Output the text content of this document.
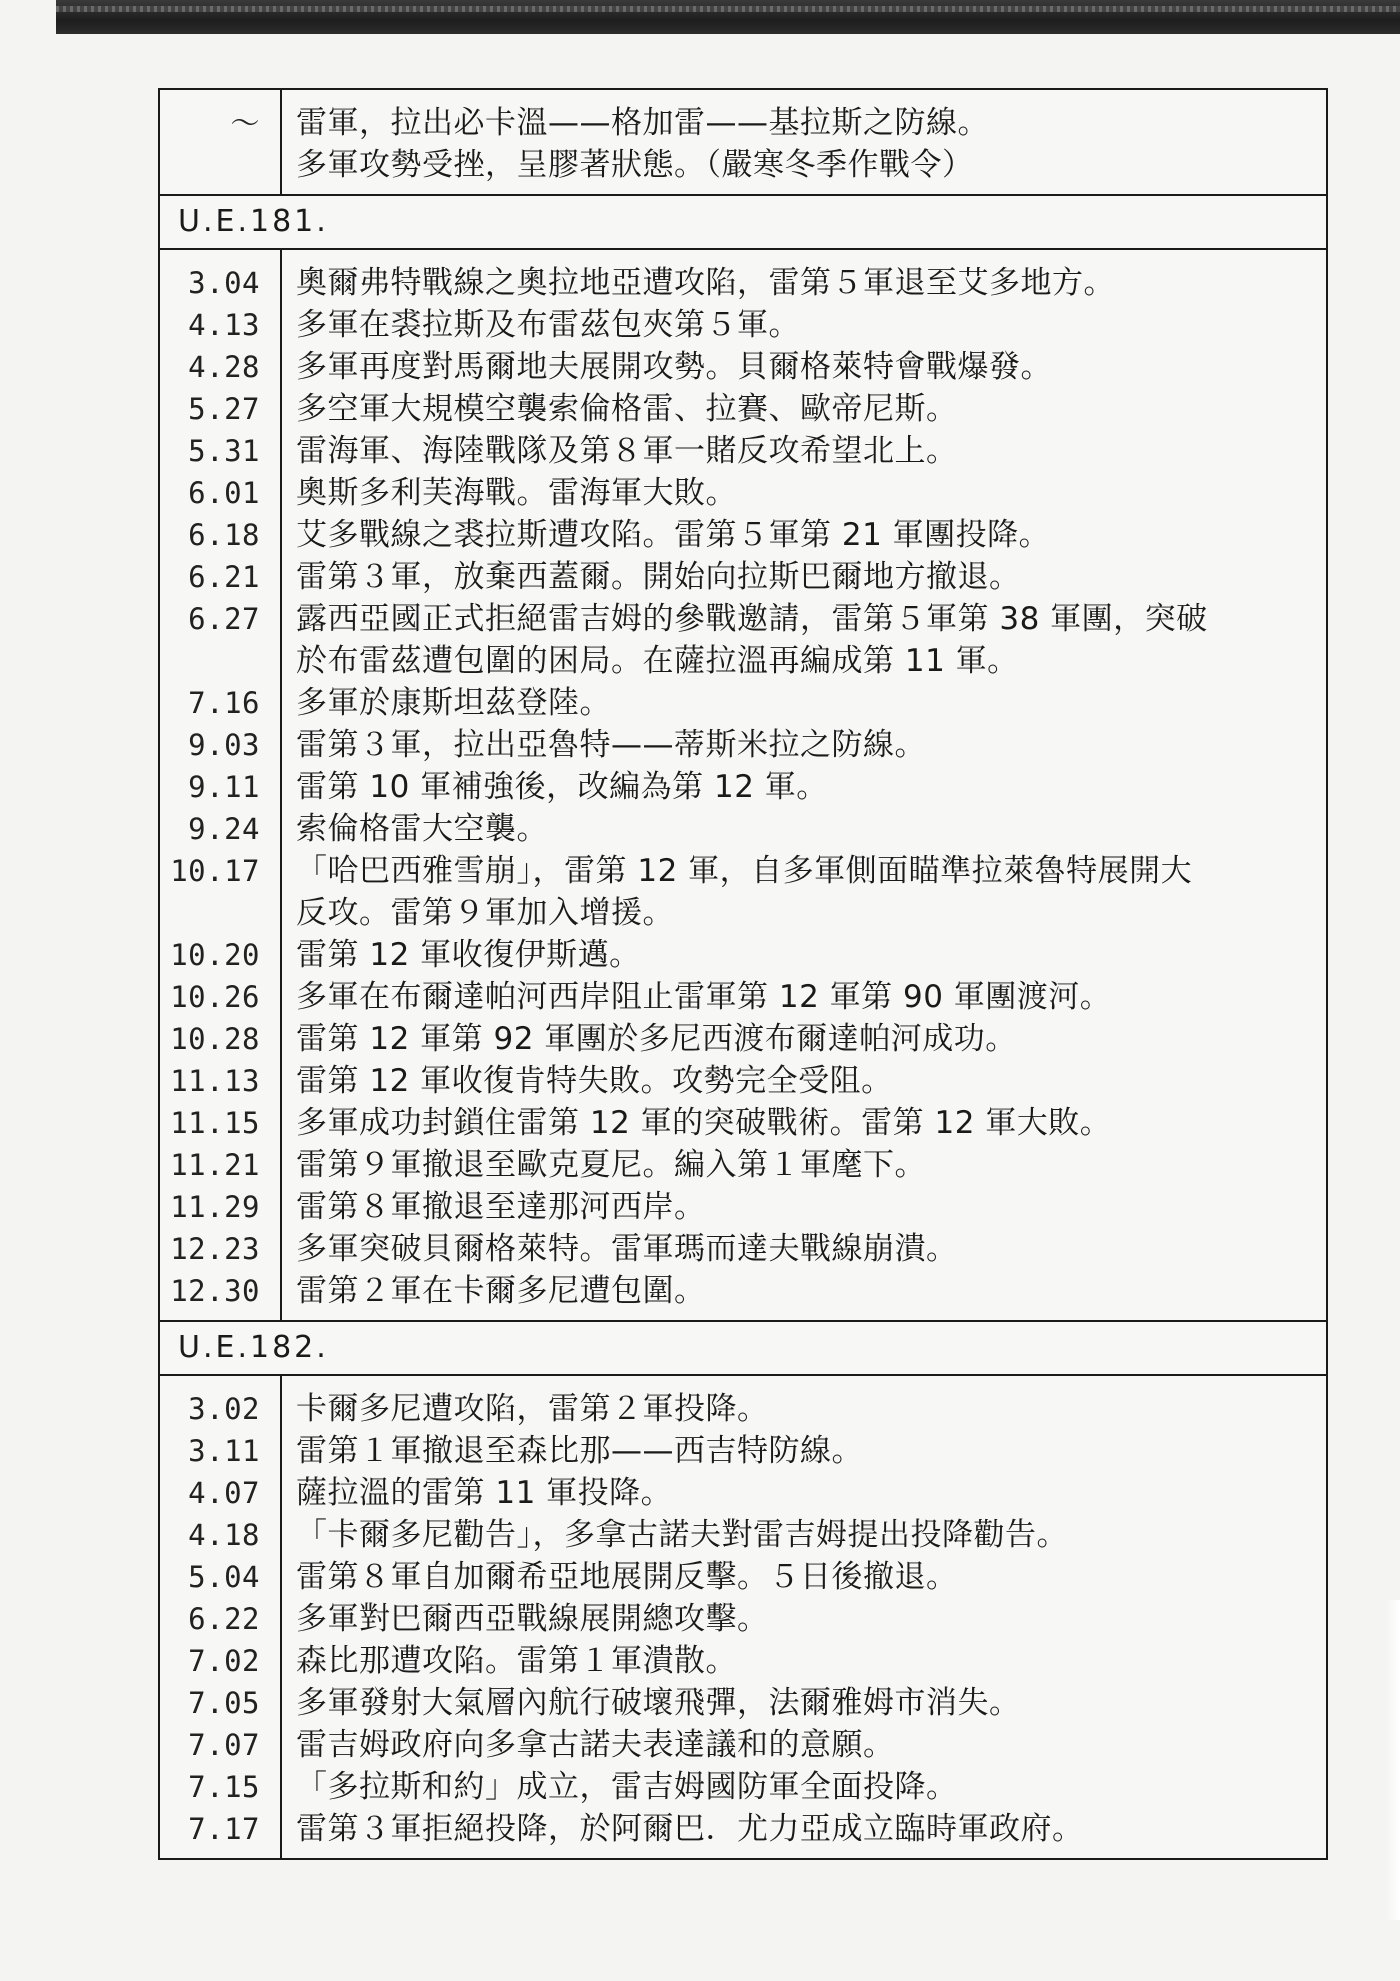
～ 雷軍，拉出必卡溫——格加雷——基拉斯之防線。
多軍攻勢受挫，呈膠著狀態。（嚴寒冬季作戰令）
U.E.181.
3.04
4.13
4.28
5.27
5.31
6.01
6.18
6.21
6.27
7.16
9.03
9.11
9.24
10.17
10.20
10.26
10.28
11.13
11.15
11.21
11.29
12.23
12.30
奧爾弗特戰線之奧拉地亞遭攻陷，雷第５軍退至艾多地方。
多軍在裘拉斯及布雷茲包夾第５軍。
多軍再度對馬爾地夫展開攻勢。貝爾格萊特會戰爆發。
多空軍大規模空襲索倫格雷、拉賽、歐帝尼斯。
雷海軍、海陸戰隊及第８軍一賭反攻希望北上。
奧斯多利芙海戰。雷海軍大敗。
艾多戰線之裘拉斯遭攻陷。雷第５軍第 21 軍團投降。
雷第３軍，放棄西蓋爾。開始向拉斯巴爾地方撤退。
露西亞國正式拒絕雷吉姆的參戰邀請，雷第５軍第 38 軍團，突破
於布雷茲遭包圍的困局。在薩拉溫再編成第 11 軍。
多軍於康斯坦茲登陸。
雷第３軍，拉出亞魯特——蒂斯米拉之防線。
雷第 10 軍補強後，改編為第 12 軍。
索倫格雷大空襲。
「哈巴西雅雪崩」，雷第 12 軍，自多軍側面瞄準拉萊魯特展開大
反攻。雷第９軍加入增援。
雷第 12 軍收復伊斯邁。
多軍在布爾達帕河西岸阻止雷軍第 12 軍第 90 軍團渡河。
雷第 12 軍第 92 軍團於多尼西渡布爾達帕河成功。
雷第 12 軍收復肯特失敗。攻勢完全受阻。
多軍成功封鎖住雷第 12 軍的突破戰術。雷第 12 軍大敗。
雷第９軍撤退至歐克夏尼。編入第１軍麾下。
雷第８軍撤退至達那河西岸。
多軍突破貝爾格萊特。雷軍瑪而達夫戰線崩潰。
雷第２軍在卡爾多尼遭包圍。
U.E.182.
3.02
3.11
4.07
4.18
5.04
6.22
7.02
7.05
7.07
7.15
7.17
卡爾多尼遭攻陷，雷第２軍投降。
雷第１軍撤退至森比那——西吉特防線。
薩拉溫的雷第 11 軍投降。
「卡爾多尼勸告」，多拿古諾夫對雷吉姆提出投降勸告。
雷第８軍自加爾希亞地展開反擊。５日後撤退。
多軍對巴爾西亞戰線展開總攻擊。
森比那遭攻陷。雷第１軍潰散。
多軍發射大氣層內航行破壞飛彈，法爾雅姆市消失。
雷吉姆政府向多拿古諾夫表達議和的意願。
「多拉斯和約」成立，雷吉姆國防軍全面投降。
雷第３軍拒絕投降，於阿爾巴．尤力亞成立臨時軍政府。
